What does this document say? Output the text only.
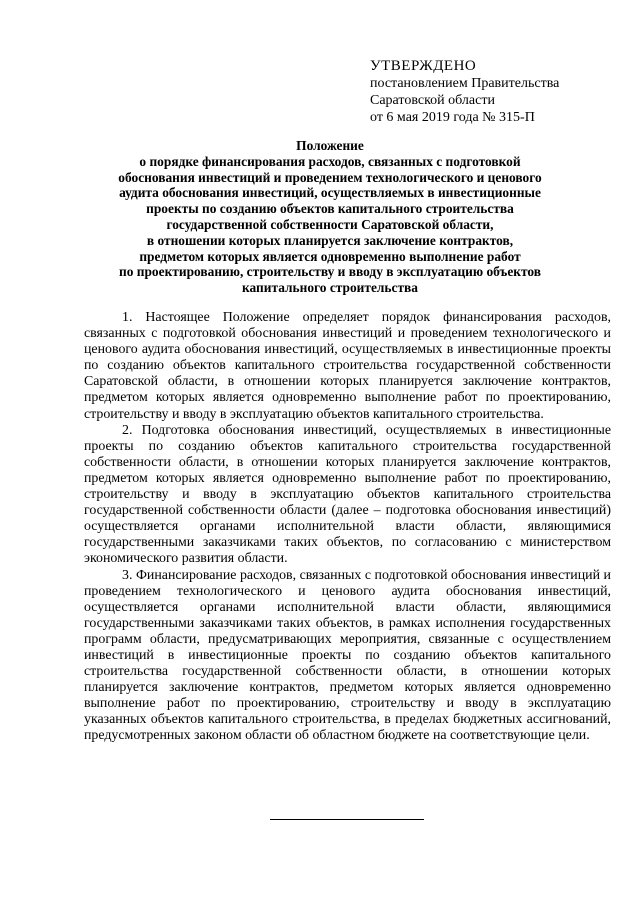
УТВЕРЖДЕНО
постановлением Правительства
Саратовской области
от 6 мая 2019 года № 315-П
Положение
о порядке финансирования расходов, связанных с подготовкой
обоснования инвестиций и проведением технологического и ценового
аудита обоснования инвестиций, осуществляемых в инвестиционные
проекты по созданию объектов капитального строительства
государственной собственности Саратовской области,
в отношении которых планируется заключение контрактов,
предметом которых является одновременно выполнение работ
по проектированию, строительству и вводу в эксплуатацию объектов
капитального строительства

1. Настоящее Положение определяет порядок финансирования расходов, связанных с подготовкой обоснования инвестиций и проведением технологического и ценового аудита обоснования инвестиций, осуществляемых в инвестиционные проекты по созданию объектов капитального строительства государственной собственности Саратовской области, в отношении которых планируется заключение контрактов, предметом которых является одновременно выполнение работ по проектированию, строительству и вводу в эксплуатацию объектов капитального строительства.

2. Подготовка обоснования инвестиций, осуществляемых в инвестиционные проекты по созданию объектов капитального строительства государственной собственности области, в отношении которых планируется заключение контрактов, предметом которых является одновременно выполнение работ по проектированию, строительству и вводу в эксплуатацию объектов капитального строительства государственной собственности области (далее – подготовка обоснования инвестиций) осуществляется органами исполнительной власти области, являющимися государственными заказчиками таких объектов, по согласованию с министерством экономического развития области.

3. Финансирование расходов, связанных с подготовкой обоснования инвестиций и проведением технологического и ценового аудита обоснования инвестиций, осуществляется органами исполнительной власти области, являющимися государственными заказчиками таких объектов, в рамках исполнения государственных программ области, предусматривающих мероприятия, связанные с осуществлением инвестиций в инвестиционные проекты по созданию объектов капитального строительства государственной собственности области, в отношении которых планируется заключение контрактов, предметом которых является одновременно выполнение работ по проектированию, строительству и вводу в эксплуатацию указанных объектов капитального строительства, в пределах бюджетных ассигнований, предусмотренных законом области об областном бюджете на соответствующие цели.
